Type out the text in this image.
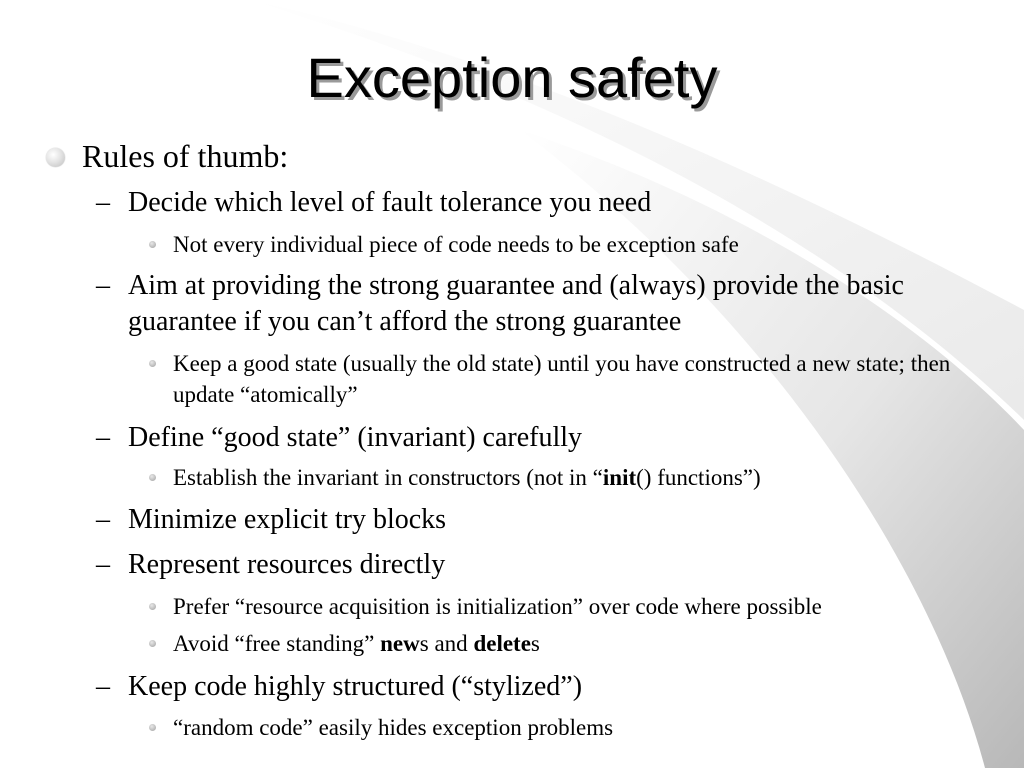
Exception safety
Rules of thumb:
– Decide which level of fault tolerance you need
Not every individual piece of code needs to be exception safe
– Aim at providing the strong guarantee and (always) provide the basic guarantee if you can’t afford the strong guarantee
Keep a good state (usually the old state) until you have constructed a new state; then update “atomically”
– Define “good state” (invariant) carefully
Establish the invariant in constructors (not in “init() functions”)
– Minimize explicit try blocks
– Represent resources directly
Prefer “resource acquisition is initialization” over code where possible
Avoid “free standing” news and deletes
– Keep code highly structured (“stylized”)
“random code” easily hides exception problems
